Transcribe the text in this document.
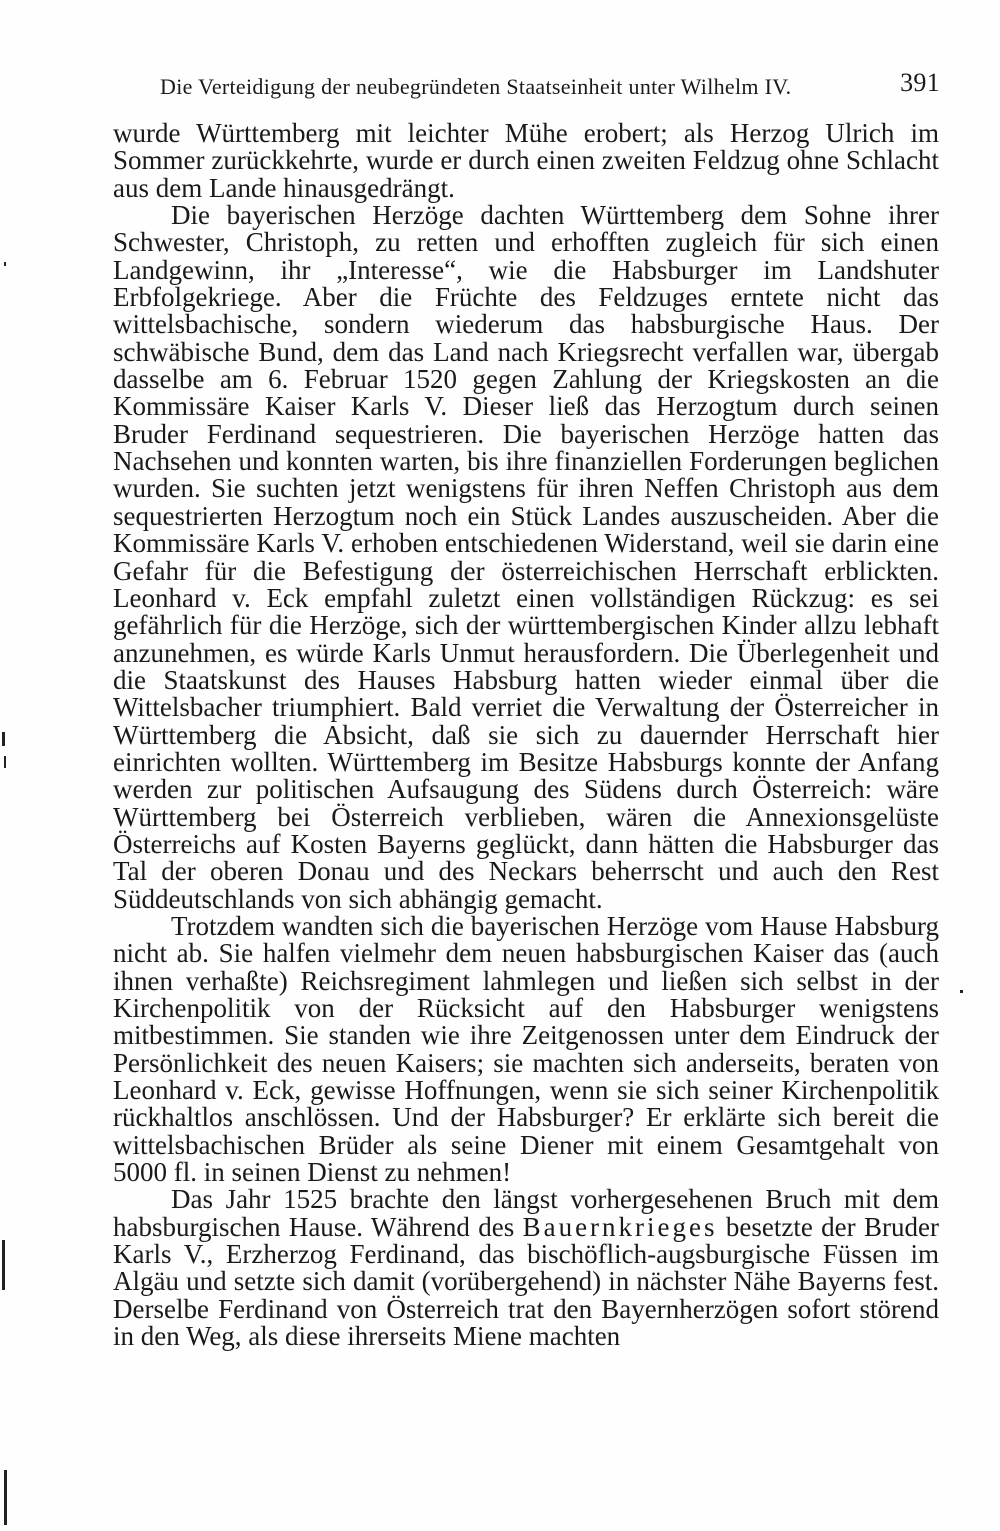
Die Verteidigung der neubegründeten Staatseinheit unter Wilhelm IV.	391

wurde Württemberg mit leichter Mühe erobert; als Herzog Ulrich im Sommer zurückkehrte, wurde er durch einen zweiten Feldzug ohne Schlacht aus dem Lande hinausgedrängt.

Die bayerischen Herzöge dachten Württemberg dem Sohne ihrer Schwester, Christoph, zu retten und erhofften zugleich für sich einen Landgewinn, ihr „Interesse“, wie die Habsburger im Landshuter Erbfolgekriege. Aber die Früchte des Feldzuges erntete nicht das wittelsbachische, sondern wiederum das habsburgische Haus. Der schwäbische Bund, dem das Land nach Kriegsrecht verfallen war, übergab dasselbe am 6. Februar 1520 gegen Zahlung der Kriegskosten an die Kommissäre Kaiser Karls V. Dieser ließ das Herzogtum durch seinen Bruder Ferdinand sequestrieren. Die bayerischen Herzöge hatten das Nachsehen und konnten warten, bis ihre finanziellen Forderungen beglichen wurden. Sie suchten jetzt wenigstens für ihren Neffen Christoph aus dem sequestrierten Herzogtum noch ein Stück Landes auszuscheiden. Aber die Kommissäre Karls V. erhoben entschiedenen Widerstand, weil sie darin eine Gefahr für die Befestigung der österreichischen Herrschaft erblickten. Leonhard v. Eck empfahl zuletzt einen vollständigen Rückzug: es sei gefährlich für die Herzöge, sich der württembergischen Kinder allzu lebhaft anzunehmen, es würde Karls Unmut herausfordern. Die Überlegenheit und die Staatskunst des Hauses Habsburg hatten wieder einmal über die Wittelsbacher triumphiert. Bald verriet die Verwaltung der Österreicher in Württemberg die Absicht, daß sie sich zu dauernder Herrschaft hier einrichten wollten. Württemberg im Besitze Habsburgs konnte der Anfang werden zur politischen Aufsaugung des Südens durch Österreich: wäre Württemberg bei Österreich verblieben, wären die Annexionsgelüste Österreichs auf Kosten Bayerns geglückt, dann hätten die Habsburger das Tal der oberen Donau und des Neckars beherrscht und auch den Rest Süddeutschlands von sich abhängig gemacht.

Trotzdem wandten sich die bayerischen Herzöge vom Hause Habsburg nicht ab. Sie halfen vielmehr dem neuen habsburgischen Kaiser das (auch ihnen verhaßte) Reichsregiment lahmlegen und ließen sich selbst in der Kirchenpolitik von der Rücksicht auf den Habsburger wenigstens mitbestimmen. Sie standen wie ihre Zeitgenossen unter dem Eindruck der Persönlichkeit des neuen Kaisers; sie machten sich anderseits, beraten von Leonhard v. Eck, gewisse Hoffnungen, wenn sie sich seiner Kirchenpolitik rückhaltlos anschlössen. Und der Habsburger? Er erklärte sich bereit die wittelsbachischen Brüder als seine Diener mit einem Gesamtgehalt von 5000 fl. in seinen Dienst zu nehmen!

Das Jahr 1525 brachte den längst vorhergesehenen Bruch mit dem habsburgischen Hause. Während des Bauernkrieges besetzte der Bruder Karls V., Erzherzog Ferdinand, das bischöflich-augsburgische Füssen im Algäu und setzte sich damit (vorübergehend) in nächster Nähe Bayerns fest. Derselbe Ferdinand von Österreich trat den Bayernherzögen sofort störend in den Weg, als diese ihrerseits Miene machten
